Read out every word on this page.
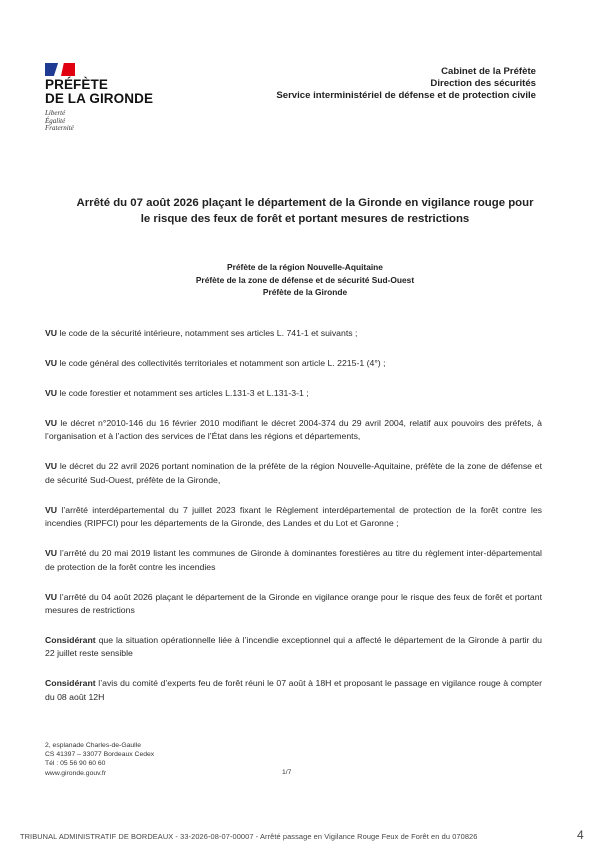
PRÉFÈTE
DE LA GIRONDE
Liberté
Égalité
Fraternité
Cabinet de la Préfète
Direction des sécurités
Service interministériel de défense et de protection civile
Arrêté du 07 août 2026 plaçant le département de la Gironde en vigilance rouge pour
le risque des feux de forêt et portant mesures de restrictions
Préfète de la région Nouvelle-Aquitaine
Préfète de la zone de défense et de sécurité Sud-Ouest
Préfète de la Gironde

VU le code de la sécurité intérieure, notamment ses articles L. 741-1 et suivants ;

VU le code général des collectivités territoriales et notamment son article L. 2215-1 (4°) ;

VU le code forestier et notamment ses articles L.131-3 et L.131-3-1 ;

VU le décret n°2010-146 du 16 février 2010 modifiant le décret 2004-374 du 29 avril 2004, relatif aux pouvoirs des préfets, à l’organisation et à l’action des services de l’État dans les régions et départements,

VU le décret du 22 avril 2026 portant nomination de la préfète de la région Nouvelle-Aquitaine, préfète de la zone de défense et de sécurité Sud-Ouest, préfète de la Gironde,

VU l’arrêté interdépartemental du 7 juillet 2023 fixant le Règlement interdépartemental de protection de la forêt contre les incendies (RIPFCI) pour les départements de la Gironde, des Landes et du Lot et Garonne ;

VU l’arrêté du 20 mai 2019 listant les communes de Gironde à dominantes forestières au titre du règlement inter-départemental de protection de la forêt contre les incendies

VU l’arrêté du 04 août 2026 plaçant le département de la Gironde en vigilance orange pour le risque des feux de forêt et portant mesures de restrictions

Considérant que la situation opérationnelle liée à l’incendie exceptionnel qui a affecté le département de la Gironde à partir du 22 juillet reste sensible

Considérant l’avis du comité d’experts feu de forêt réuni le 07 août à 18H et proposant le passage en vigilance rouge à compter du 08 août 12H

2, esplanade Charles-de-Gaulle
CS 41397 – 33077 Bordeaux Cedex
Tél : 05 56 90 60 60
www.gironde.gouv.fr	1/7
TRIBUNAL ADMINISTRATIF DE BORDEAUX - 33-2026-08-07-00007 - Arrêté passage en Vigilance Rouge Feux de Forêt en du 070826	4
